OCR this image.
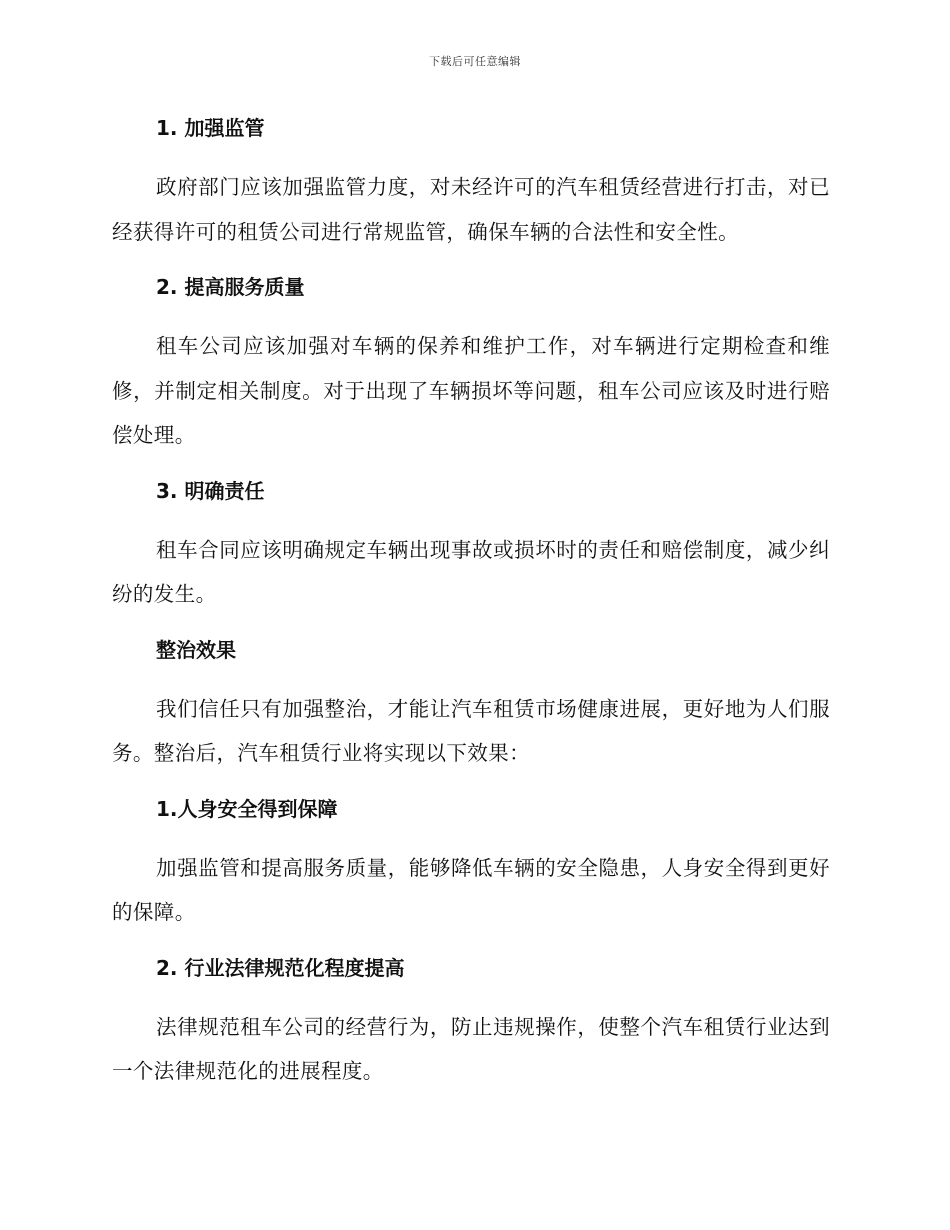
下载后可任意编辑
1. 加强监管

政府部门应该加强监管力度，对未经许可的汽车租赁经营进行打击，对已经获得许可的租赁公司进行常规监管，确保车辆的合法性和安全性。

2. 提高服务质量

租车公司应该加强对车辆的保养和维护工作，对车辆进行定期检查和维修，并制定相关制度。对于出现了车辆损坏等问题，租车公司应该及时进行赔偿处理。

3. 明确责任

租车合同应该明确规定车辆出现事故或损坏时的责任和赔偿制度，减少纠纷的发生。

整治效果

我们信任只有加强整治，才能让汽车租赁市场健康进展，更好地为人们服务。整治后，汽车租赁行业将实现以下效果：

1.人身安全得到保障

加强监管和提高服务质量，能够降低车辆的安全隐患，人身安全得到更好的保障。

2. 行业法律规范化程度提高

法律规范租车公司的经营行为，防止违规操作，使整个汽车租赁行业达到一个法律规范化的进展程度。
